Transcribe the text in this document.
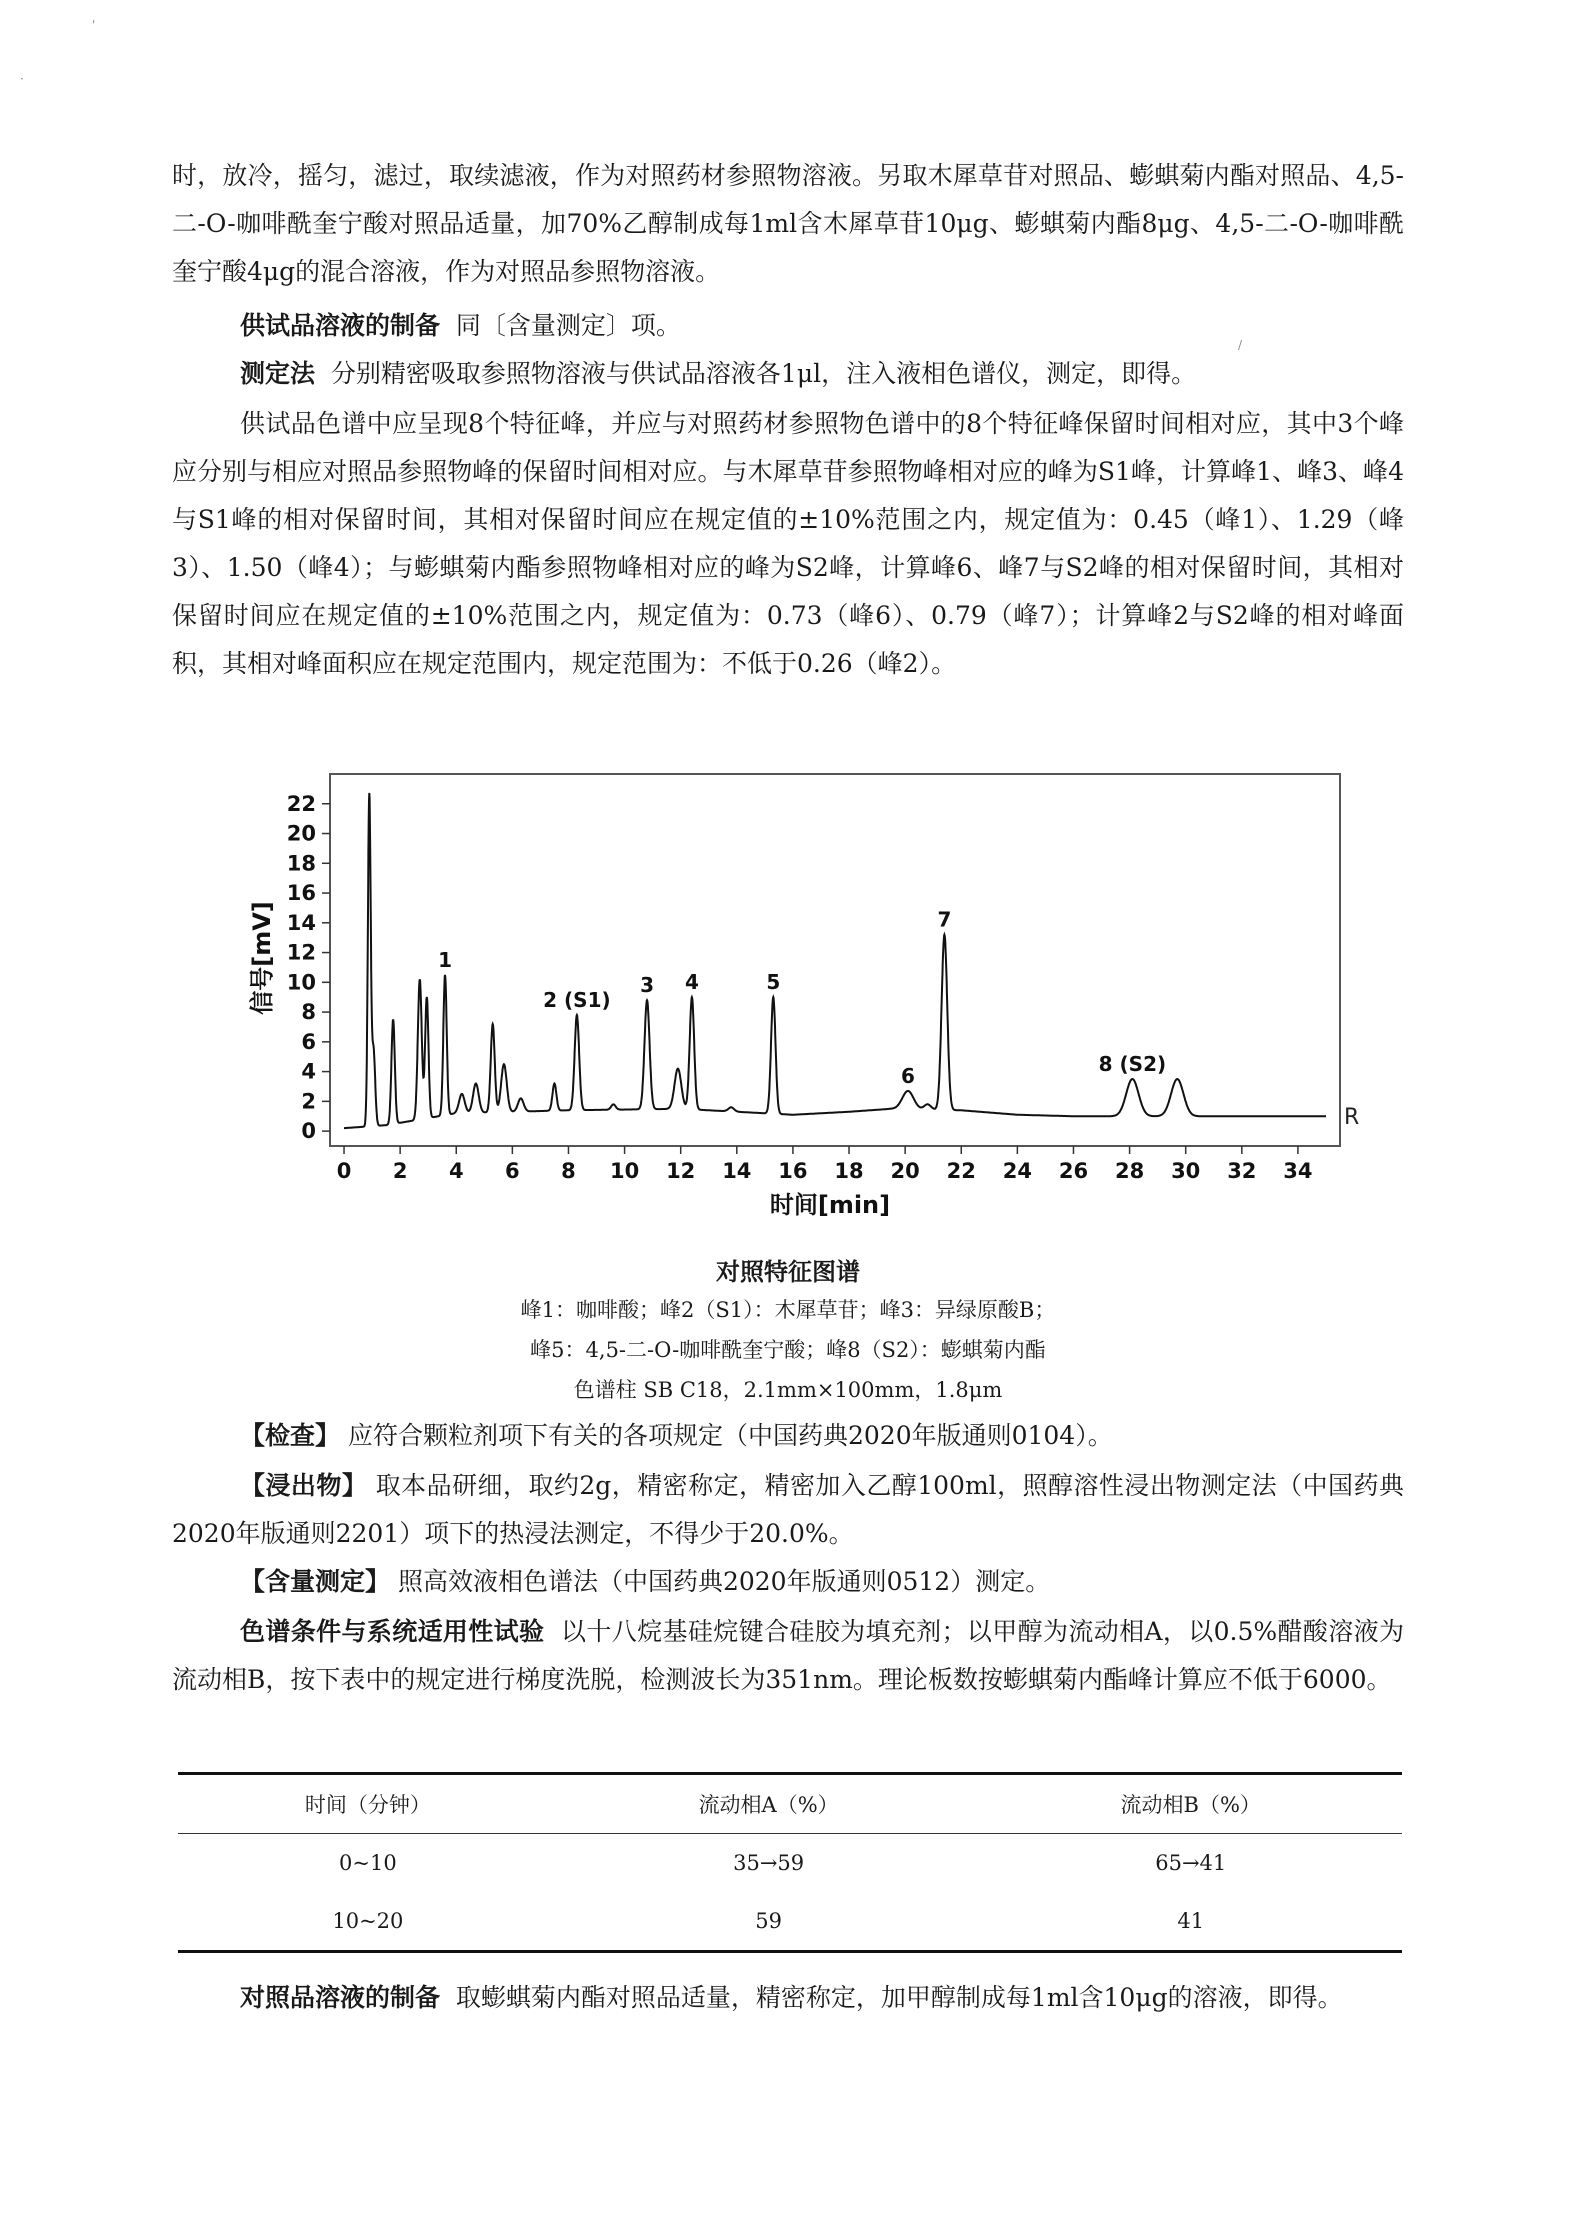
·
'
/

时，放冷，摇匀，滤过，取续滤液，作为对照药材参照物溶液。另取木犀草苷对照品、蟛蜞菊内酯对照品、4,5-二-O-咖啡酰奎宁酸对照品适量，加70%乙醇制成每1ml含木犀草苷10μg、蟛蜞菊内酯8μg、4,5-二-O-咖啡酰奎宁酸4μg的混合溶液，作为对照品参照物溶液。

供试品溶液的制备 同〔含量测定〕项。

测定法 分别精密吸取参照物溶液与供试品溶液各1μl，注入液相色谱仪，测定，即得。

供试品色谱中应呈现8个特征峰，并应与对照药材参照物色谱中的8个特征峰保留时间相对应，其中3个峰应分别与相应对照品参照物峰的保留时间相对应。与木犀草苷参照物峰相对应的峰为S1峰，计算峰1、峰3、峰4与S1峰的相对保留时间，其相对保留时间应在规定值的±10%范围之内，规定值为：0.45（峰1）、1.29（峰3）、1.50（峰4）；与蟛蜞菊内酯参照物峰相对应的峰为S2峰，计算峰6、峰7与S2峰的相对保留时间，其相对保留时间应在规定值的±10%范围之内，规定值为：0.73（峰6）、0.79（峰7）；计算峰2与S2峰的相对峰面积，其相对峰面积应在规定范围内，规定范围为：不低于0.26（峰2）。

0 2 4 6 8 10 12 14 16 18 20 22 24 26 28 30 32 34
0
2
4
6
8
10
12
14
16
18
20
22
1
2 (S1)
3 4	5
6
7
8 (S2)
R
信号[mV]
时间[min]
对照特征图谱
峰1：咖啡酸；峰2（S1）：木犀草苷；峰3：异绿原酸B；
峰5：4,5-二-O-咖啡酰奎宁酸；峰8（S2）：蟛蜞菊内酯
色谱柱 SB C18，2.1mm×100mm，1.8μm

【检查】 应符合颗粒剂项下有关的各项规定（中国药典2020年版通则0104）。

【浸出物】 取本品研细，取约2g，精密称定，精密加入乙醇100ml，照醇溶性浸出物测定法（中国药典2020年版通则2201）项下的热浸法测定，不得少于20.0%。

【含量测定】 照高效液相色谱法（中国药典2020年版通则0512）测定。

色谱条件与系统适用性试验 以十八烷基硅烷键合硅胶为填充剂；以甲醇为流动相A，以0.5%醋酸溶液为流动相B，按下表中的规定进行梯度洗脱，检测波长为351nm。理论板数按蟛蜞菊内酯峰计算应不低于6000。

时间（分钟）	流动相A（%）	流动相B（%）
0~10	35→59	65→41
10~20	59	41

对照品溶液的制备 取蟛蜞菊内酯对照品适量，精密称定，加甲醇制成每1ml含10μg的溶液，即得。
